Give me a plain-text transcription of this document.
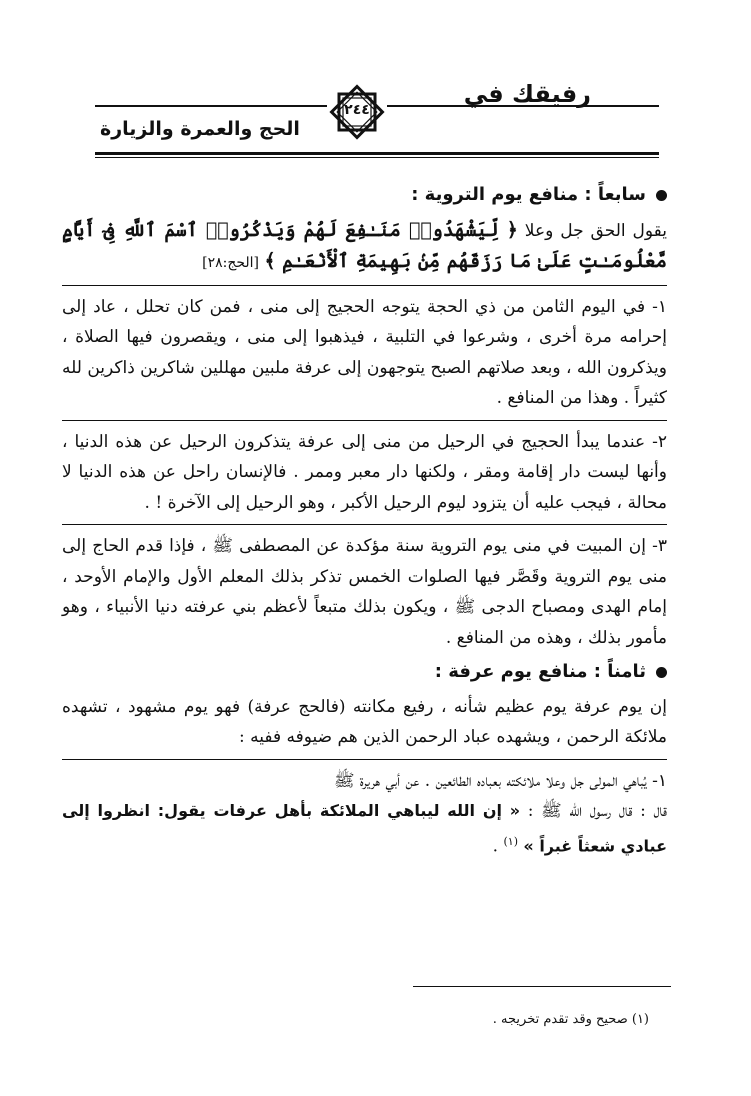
رفيقك في
الحج والعمرة والزيارة
٢٤٤
سابعاً : منافع يوم التروية :

يقول الحق جل وعلا ﴿ لِّيَشْهَدُوا۟ مَنَـٰفِعَ لَهُمْ وَيَذْكُرُوا۟ ٱسْمَ ٱللَّهِ فِىٓ أَيَّامٍ مَّعْلُومَـٰتٍ عَلَىٰ مَا رَزَقَهُم مِّنۢ بَهِيمَةِ ٱلْأَنْعَـٰمِ ﴾ [الحج:٢٨]

١- في اليوم الثامن من ذي الحجة يتوجه الحجيج إلى منى ، فمن كان تحلل ، عاد إلى إحرامه مرة أخرى ، وشرعوا في التلبية ، فيذهبوا إلى منى ، ويقصرون فيها الصلاة ، ويذكرون الله ، وبعد صلاتهم الصبح يتوجهون إلى عرفة ملبين مهللين شاكرين ذاكرين لله كثيراً . وهذا من المنافع .

٢- عندما يبدأ الحجيج في الرحيل من منى إلى عرفة يتذكرون الرحيل عن هذه الدنيا ، وأنها ليست دار إقامة ومقر ، ولكنها دار معبر وممر . فالإنسان راحل عن هذه الدنيا لا محالة ، فيجب عليه أن يتزود ليوم الرحيل الأكبر ، وهو الرحيل إلى الآخرة ! .

٣- إن المبيت في منى يوم التروية سنة مؤكدة عن المصطفى ﷺ ، فإذا قدم الحاج إلى منى يوم التروية وقَصَّر فيها الصلوات الخمس تذكر بذلك المعلم الأول والإمام الأوحد ، إمام الهدى ومصباح الدجى ﷺ ، ويكون بذلك متبعاً لأعظم بني عرفته دنيا الأنبياء ، وهو مأمور بذلك ، وهذه من المنافع .

ثامناً : منافع يوم عرفة :

إن يوم عرفة يوم عظيم شأنه ، رفيع مكانته (فالحج عرفة) فهو يوم مشهود ، تشهده ملائكة الرحمن ، ويشهده عباد الرحمن الذين هم ضيوفه ففيه :

١- يُباهي المولى جل وعلا ملائكته بعباده الطائعين . عن أبي هريرة ﷺ

قال : قال رسول الله ﷺ : « إن الله ليباهي الملائكة بأهل عرفات يقول: انظروا إلى عبادي شعثاً غبراً » $^{(١)}$ .

(١) صحيح وقد تقدم تخريجه .
